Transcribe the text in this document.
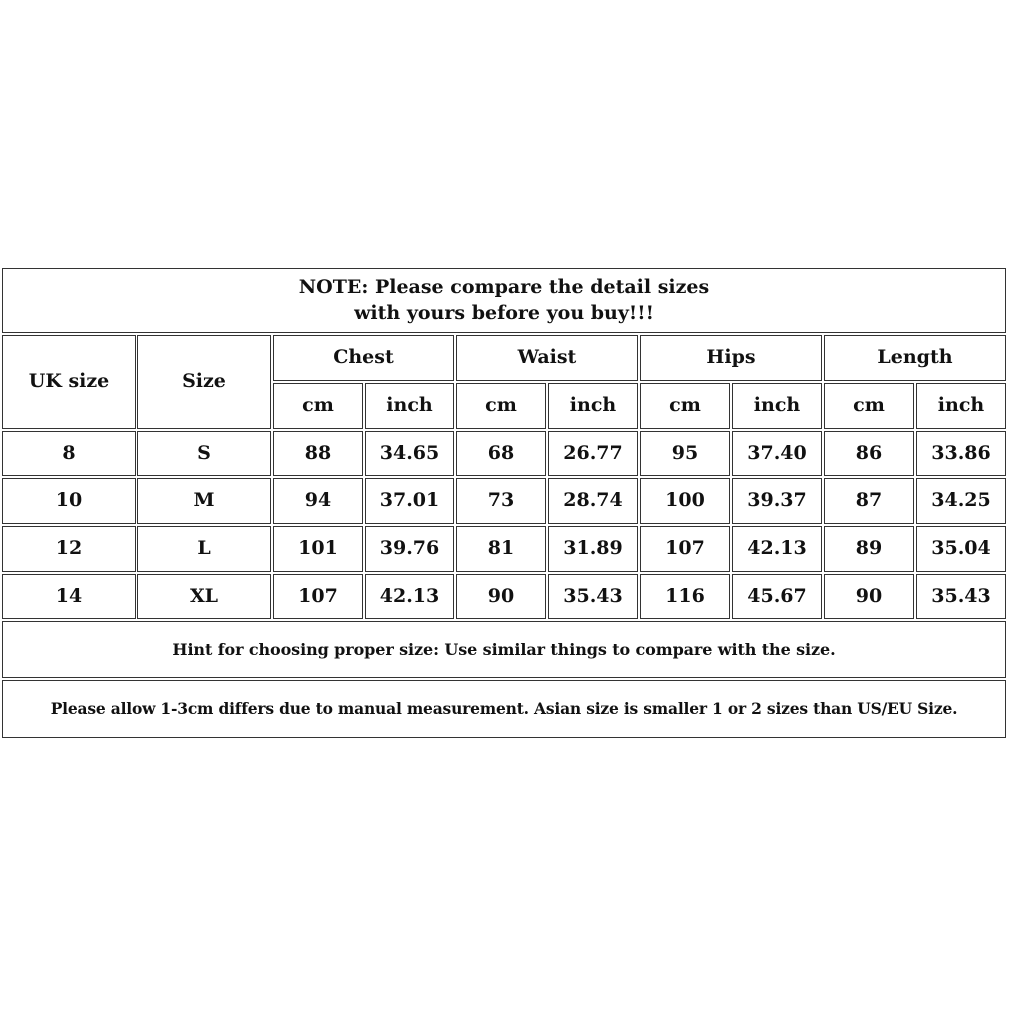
NOTE: Please compare the detail sizes
with yours before you buy!!!
UK size	Size
Chest	Waist	Hips	Length
cm	inch	cm	inch	cm	inch	cm	inch
8	S	88	34.65	68	26.77	95	37.40	86	33.86
10	M	94	37.01	73	28.74	100	39.37	87	34.25
12	L	101	39.76	81	31.89	107	42.13	89	35.04
14	XL	107	42.13	90	35.43	116	45.67	90	35.43
Hint for choosing proper size: Use similar things to compare with the size.
Please allow 1-3cm differs due to manual measurement. Asian size is smaller 1 or 2 sizes than US/EU Size.
